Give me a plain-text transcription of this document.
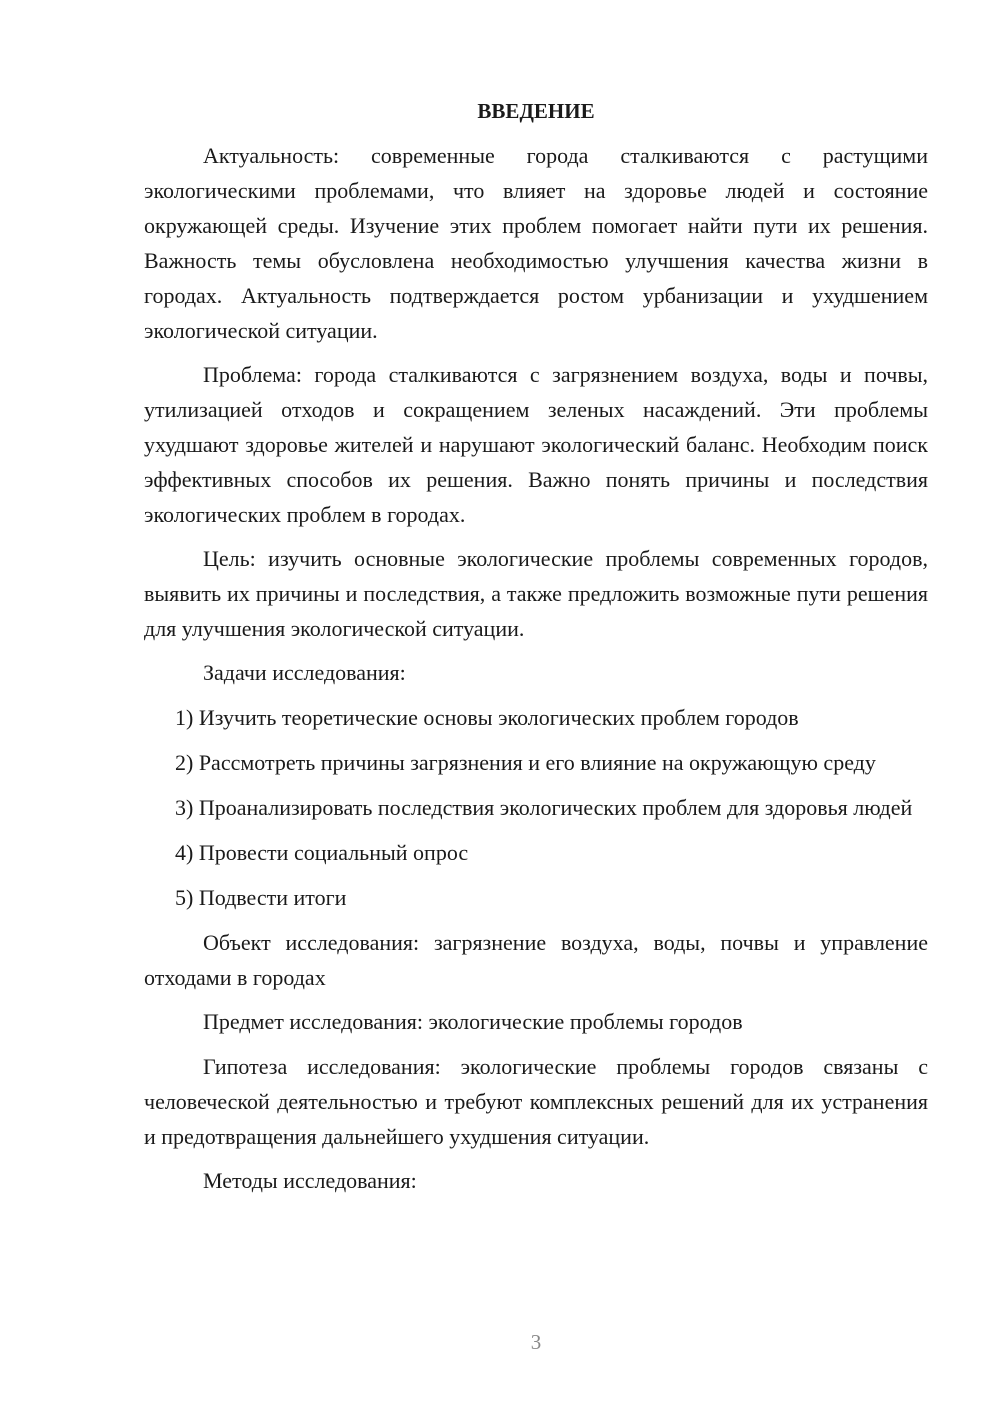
ВВЕДЕНИЕ

Актуальность: современные города сталкиваются с растущими экологическими проблемами, что влияет на здоровье людей и состояние окружающей среды. Изучение этих проблем помогает найти пути их решения. Важность темы обусловлена необходимостью улучшения качества жизни в городах. Актуальность подтверждается ростом урбанизации и ухудшением экологической ситуации.

Проблема: города сталкиваются с загрязнением воздуха, воды и почвы, утилизацией отходов и сокращением зеленых насаждений. Эти проблемы ухудшают здоровье жителей и нарушают экологический баланс. Необходим поиск эффективных способов их решения. Важно понять причины и последствия экологических проблем в городах.

Цель: изучить основные экологические проблемы современных городов, выявить их причины и последствия, а также предложить возможные пути решения для улучшения экологической ситуации.

Задачи исследования:

1) Изучить теоретические основы экологических проблем городов

2) Рассмотреть причины загрязнения и его влияние на окружающую среду

3) Проанализировать последствия экологических проблем для здоровья людей

4) Провести социальный опрос

5) Подвести итоги

Объект исследования: загрязнение воздуха, воды, почвы и управление отходами в городах

Предмет исследования: экологические проблемы городов

Гипотеза исследования: экологические проблемы городов связаны с человеческой деятельностью и требуют комплексных решений для их устранения и предотвращения дальнейшего ухудшения ситуации.

Методы исследования:

3
